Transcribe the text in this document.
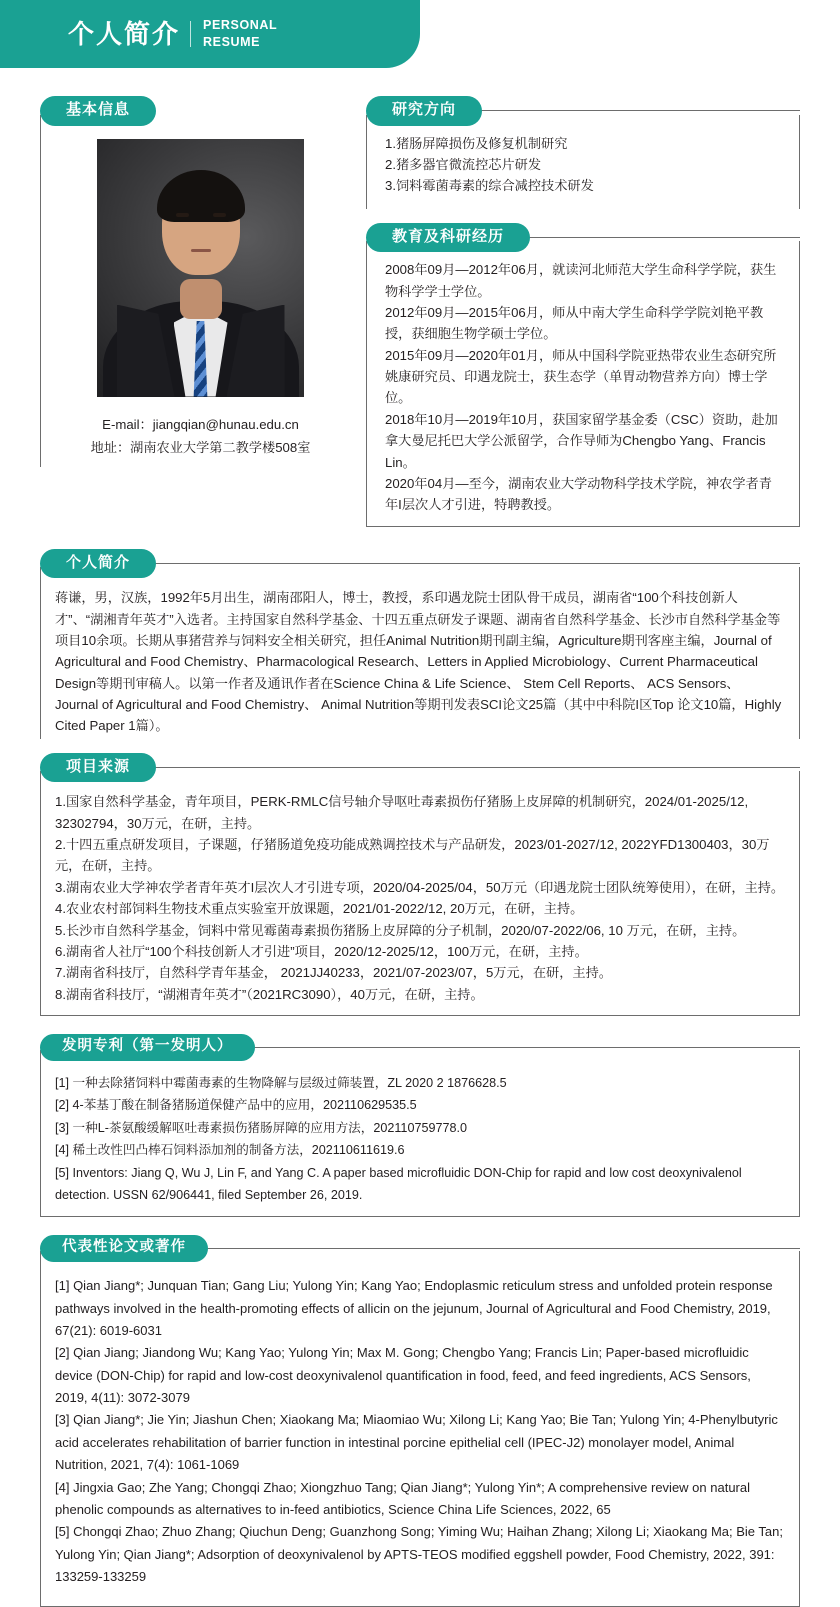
个人简介 PERSONAL
RESUME
基本信息
E-mail：jiangqian@hunau.edu.cn
地址：湖南农业大学第二教学楼508室
研究方向

1.猪肠屏障损伤及修复机制研究

2.猪多器官微流控芯片研发

3.饲料霉菌毒素的综合减控技术研发

教育及科研经历

2008年09月—2012年06月，就读河北师范大学生命科学学院，获生物科学学士学位。

2012年09月—2015年06月，师从中南大学生命科学学院刘艳平教授，获细胞生物学硕士学位。

2015年09月—2020年01月，师从中国科学院亚热带农业生态研究所姚康研究员、印遇龙院士，获生态学（单胃动物营养方向）博士学位。

2018年10月—2019年10月，获国家留学基金委（CSC）资助，赴加拿大曼尼托巴大学公派留学，合作导师为Chengbo Yang、Francis Lin。

2020年04月—至今，湖南农业大学动物科学技术学院，神农学者青年I层次人才引进，特聘教授。

个人简介
蒋谦，男，汉族，1992年5月出生，湖南邵阳人，博士，教授，系印遇龙院士团队骨干成员，湖南省“100个科技创新人才”、“湖湘青年英才”入选者。主持国家自然科学基金、十四五重点研发子课题、湖南省自然科学基金、长沙市自然科学基金等项目10余项。长期从事猪营养与饲料安全相关研究，担任Animal Nutrition期刊副主编，Agriculture期刊客座主编，Journal of Agricultural and Food Chemistry、Pharmacological Research、Letters in Applied Microbiology、Current Pharmaceutical Design等期刊审稿人。以第一作者及通讯作者在Science China & Life Science、 Stem Cell Reports、 ACS Sensors、 Journal of Agricultural and Food Chemistry、 Animal Nutrition等期刊发表SCI论文25篇（其中中科院I区Top 论文10篇，Highly Cited Paper 1篇）。
项目来源

1.国家自然科学基金，青年项目，PERK-RMLC信号轴介导呕吐毒素损伤仔猪肠上皮屏障的机制研究，2024/01-2025/12, 32302794，30万元，在研，主持。

2.十四五重点研发项目，子课题，仔猪肠道免疫功能成熟调控技术与产品研发，2023/01-2027/12, 2022YFD1300403，30万元，在研，主持。

3.湖南农业大学神农学者青年英才I层次人才引进专项，2020/04-2025/04，50万元（印遇龙院士团队统筹使用），在研，主持。

4.农业农村部饲料生物技术重点实验室开放课题，2021/01-2022/12, 20万元，在研，主持。

5.长沙市自然科学基金，饲料中常见霉菌毒素损伤猪肠上皮屏障的分子机制，2020/07-2022/06, 10 万元，在研，主持。

6.湖南省人社厅“100个科技创新人才引进”项目，2020/12-2025/12，100万元，在研，主持。

7.湖南省科技厅，自然科学青年基金， 2021JJ40233，2021/07-2023/07，5万元，在研，主持。

8.湖南省科技厅，“湖湘青年英才”（2021RC3090），40万元，在研，主持。

发明专利（第一发明人）

[1] 一种去除猪饲料中霉菌毒素的生物降解与层级过筛装置，ZL 2020 2 1876628.5

[2] 4-苯基丁酸在制备猪肠道保健产品中的应用，202110629535.5

[3] 一种L-茶氨酸缓解呕吐毒素损伤猪肠屏障的应用方法，202110759778.0

[4] 稀土改性凹凸棒石饲料添加剂的制备方法，202110611619.6

[5] Inventors: Jiang Q, Wu J, Lin F, and Yang C. A paper based microfluidic DON-Chip for rapid and low cost deoxynivalenol detection. USSN 62/906441, filed September 26, 2019.

代表性论文或著作

[1] Qian Jiang*; Junquan Tian; Gang Liu; Yulong Yin; Kang Yao; Endoplasmic reticulum stress and unfolded protein response pathways involved in the health-promoting effects of allicin on the jejunum, Journal of Agricultural and Food Chemistry, 2019, 67(21): 6019-6031

[2] Qian Jiang; Jiandong Wu; Kang Yao; Yulong Yin; Max M. Gong; Chengbo Yang; Francis Lin; Paper-based microfluidic device (DON-Chip) for rapid and low-cost deoxynivalenol quantification in food, feed, and feed ingredients, ACS Sensors, 2019, 4(11): 3072-3079

[3] Qian Jiang*; Jie Yin; Jiashun Chen; Xiaokang Ma; Miaomiao Wu; Xilong Li; Kang Yao; Bie Tan; Yulong Yin; 4-Phenylbutyric acid accelerates rehabilitation of barrier function in intestinal porcine epithelial cell (IPEC-J2) monolayer model, Animal Nutrition, 2021, 7(4): 1061-1069

[4] Jingxia Gao; Zhe Yang; Chongqi Zhao; Xiongzhuo Tang; Qian Jiang*; Yulong Yin*; A comprehensive review on natural phenolic compounds as alternatives to in-feed antibiotics, Science China Life Sciences, 2022, 65

[5] Chongqi Zhao; Zhuo Zhang; Qiuchun Deng; Guanzhong Song; Yiming Wu; Haihan Zhang; Xilong Li; Xiaokang Ma; Bie Tan; Yulong Yin; Qian Jiang*; Adsorption of deoxynivalenol by APTS-TEOS modified eggshell powder, Food Chemistry, 2022, 391: 133259-133259
